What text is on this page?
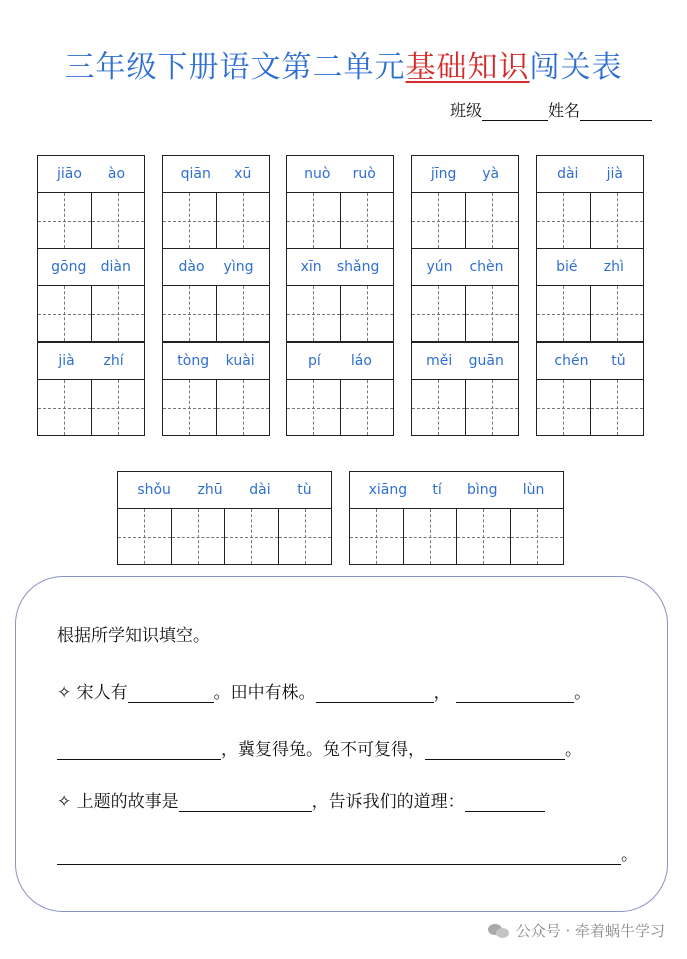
三年级下册语文第二单元基础知识闯关表
班级	姓名
jiāo ào	qiān xū	nuò ruò	jīng yà	dài jià
gōng diàn	dào yìng	xīn shǎng	yún chèn	bié zhì
jià zhí	tòng kuài	pí láo	měi guān	chén tǔ
shǒu zhū dài tù	xiāng tí bìng lùn
根据所学知识填空。
✧ 宋人有	。田中有株。	，	。
，冀复得兔。兔不可复得，	。
✧ 上题的故事是	，告诉我们的道理：
。
公众号 · 牵着蜗牛学习
